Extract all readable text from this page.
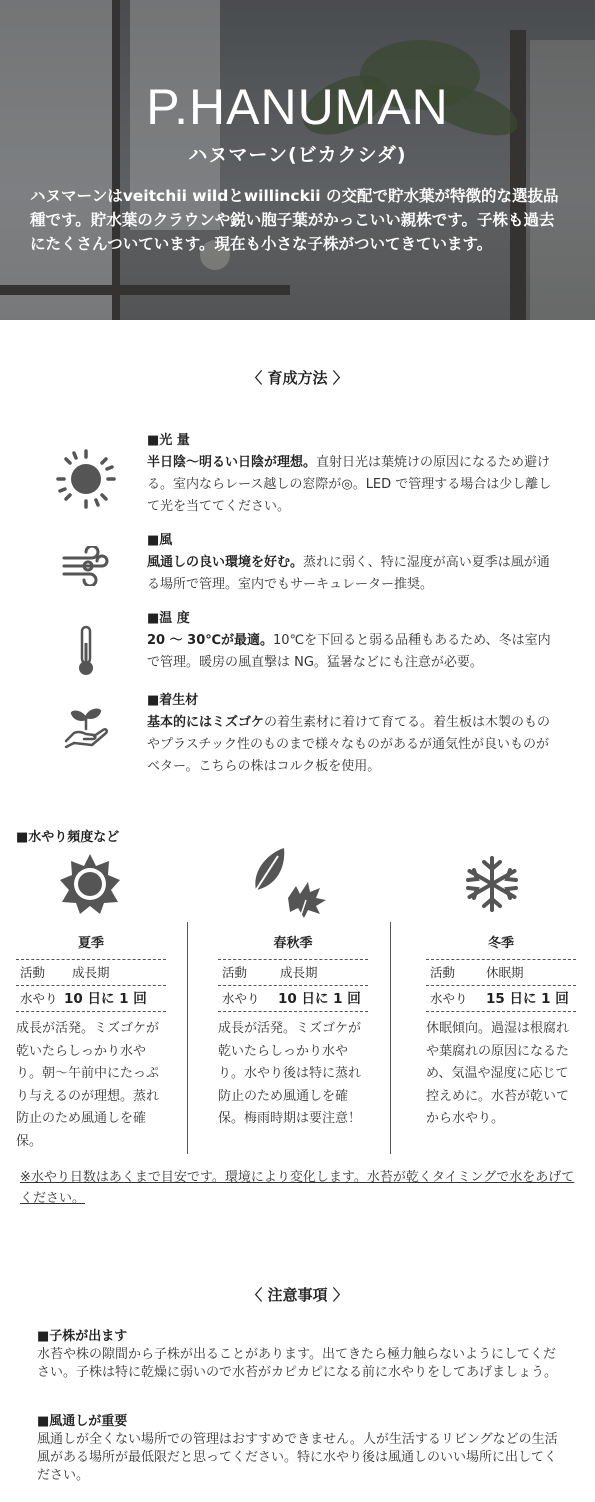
P.HANUMAN
ハヌマーン(ビカクシダ)
ハヌマーンはveitchii wildとwillinckii の交配で貯水葉が特徴的な選抜品種です。貯水葉のクラウンや鋭い胞子葉がかっこいい親株です。子株も過去にたくさんついています。現在も小さな子株がついてきています。
〈 育成方法 〉
■光 量
半日陰〜明るい日陰が理想。直射日光は葉焼けの原因になるため避ける。室内ならレース越しの窓際が◎。LED で管理する場合は少し離して光を当ててください。
■風
風通しの良い環境を好む。蒸れに弱く、特に湿度が高い夏季は風が通る場所で管理。室内でもサーキュレーター推奨。
■温 度
20 〜 30℃が最適。10℃を下回ると弱る品種もあるため、冬は室内で管理。暖房の風直撃は NG。猛暑などにも注意が必要。
■着生材
基本的にはミズゴケの着生素材に着けて育てる。着生板は木製のものやプラスチック性のものまで様々なものがあるが通気性が良いものがベター。こちらの株はコルク板を使用。
■水やり頻度など
夏季
活動 成長期
水やり 10 日に 1 回
成長が活発。ミズゴケが乾いたらしっかり水やり。朝〜午前中にたっぷり与えるのが理想。蒸れ防止のため風通しを確保。
春秋季
活動	成長期
水やり 10 日に 1 回
成長が活発。ミズゴケが乾いたらしっかり水やり。水やり後は特に蒸れ防止のため風通しを確保。梅雨時期は要注意！
冬季
活動 休眠期
水やり 15 日に 1 回
休眠傾向。過湿は根腐れや葉腐れの原因になるため、気温や湿度に応じて控えめに。水苔が乾いてから水やり。
※水やり日数はあくまで目安です。環境により変化します。水苔が乾くタイミングで水をあげてください。
〈 注意事項 〉
■子株が出ます
水苔や株の隙間から子株が出ることがあります。出てきたら極力触らないようにしてください。子株は特に乾燥に弱いので水苔がカピカピになる前に水やりをしてあげましょう。
■風通しが重要
風通しが全くない場所での管理はおすすめできません。人が生活するリビングなどの生活風がある場所が最低限だと思ってください。特に水やり後は風通しのいい場所に出してください。
